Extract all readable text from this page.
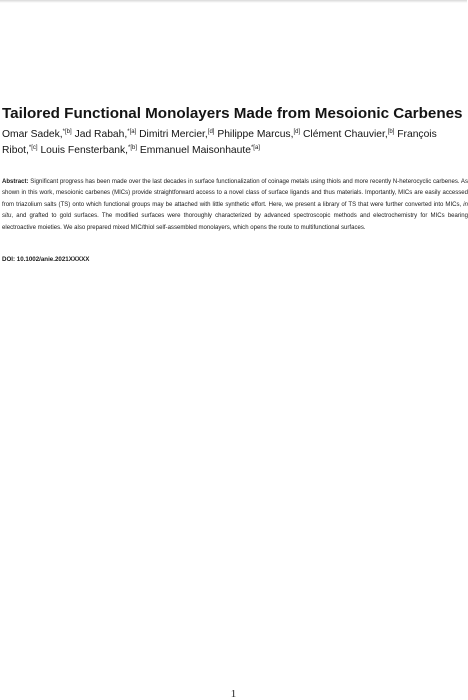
Tailored Functional Monolayers Made from Mesoionic Carbenes
Omar Sadek,$^{*[b]}$ Jad Rabah,$^{*[a]}$ Dimitri Mercier,[d] Philippe Marcus,[d] Clément Chauvier,[b] François Ribot,$^{*[c]}$ Louis Fensterbank,$^{*[b]}$ Emmanuel Maisonhaute$^{*[a]}$
Abstract: Significant progress has been made over the last decades in surface functionalization of coinage metals using thiols and more recently N-heterocyclic carbenes. As shown in this work, mesoionic carbenes (MICs) provide straightforward access to a novel class of surface ligands and thus materials. Importantly, MICs are easily accessed from triazolium salts (TS) onto which functional groups may be attached with little synthetic effort. Here, we present a library of TS that were further converted into MICs, in situ, and grafted to gold surfaces. The modified surfaces were thoroughly characterized by advanced spectroscopic methods and electrochemistry for MICs bearing electroactive moieties. We also prepared mixed MIC/thiol self-assembled monolayers, which opens the route to multifunctional surfaces.
DOI: 10.1002/anie.2021XXXXX
1
